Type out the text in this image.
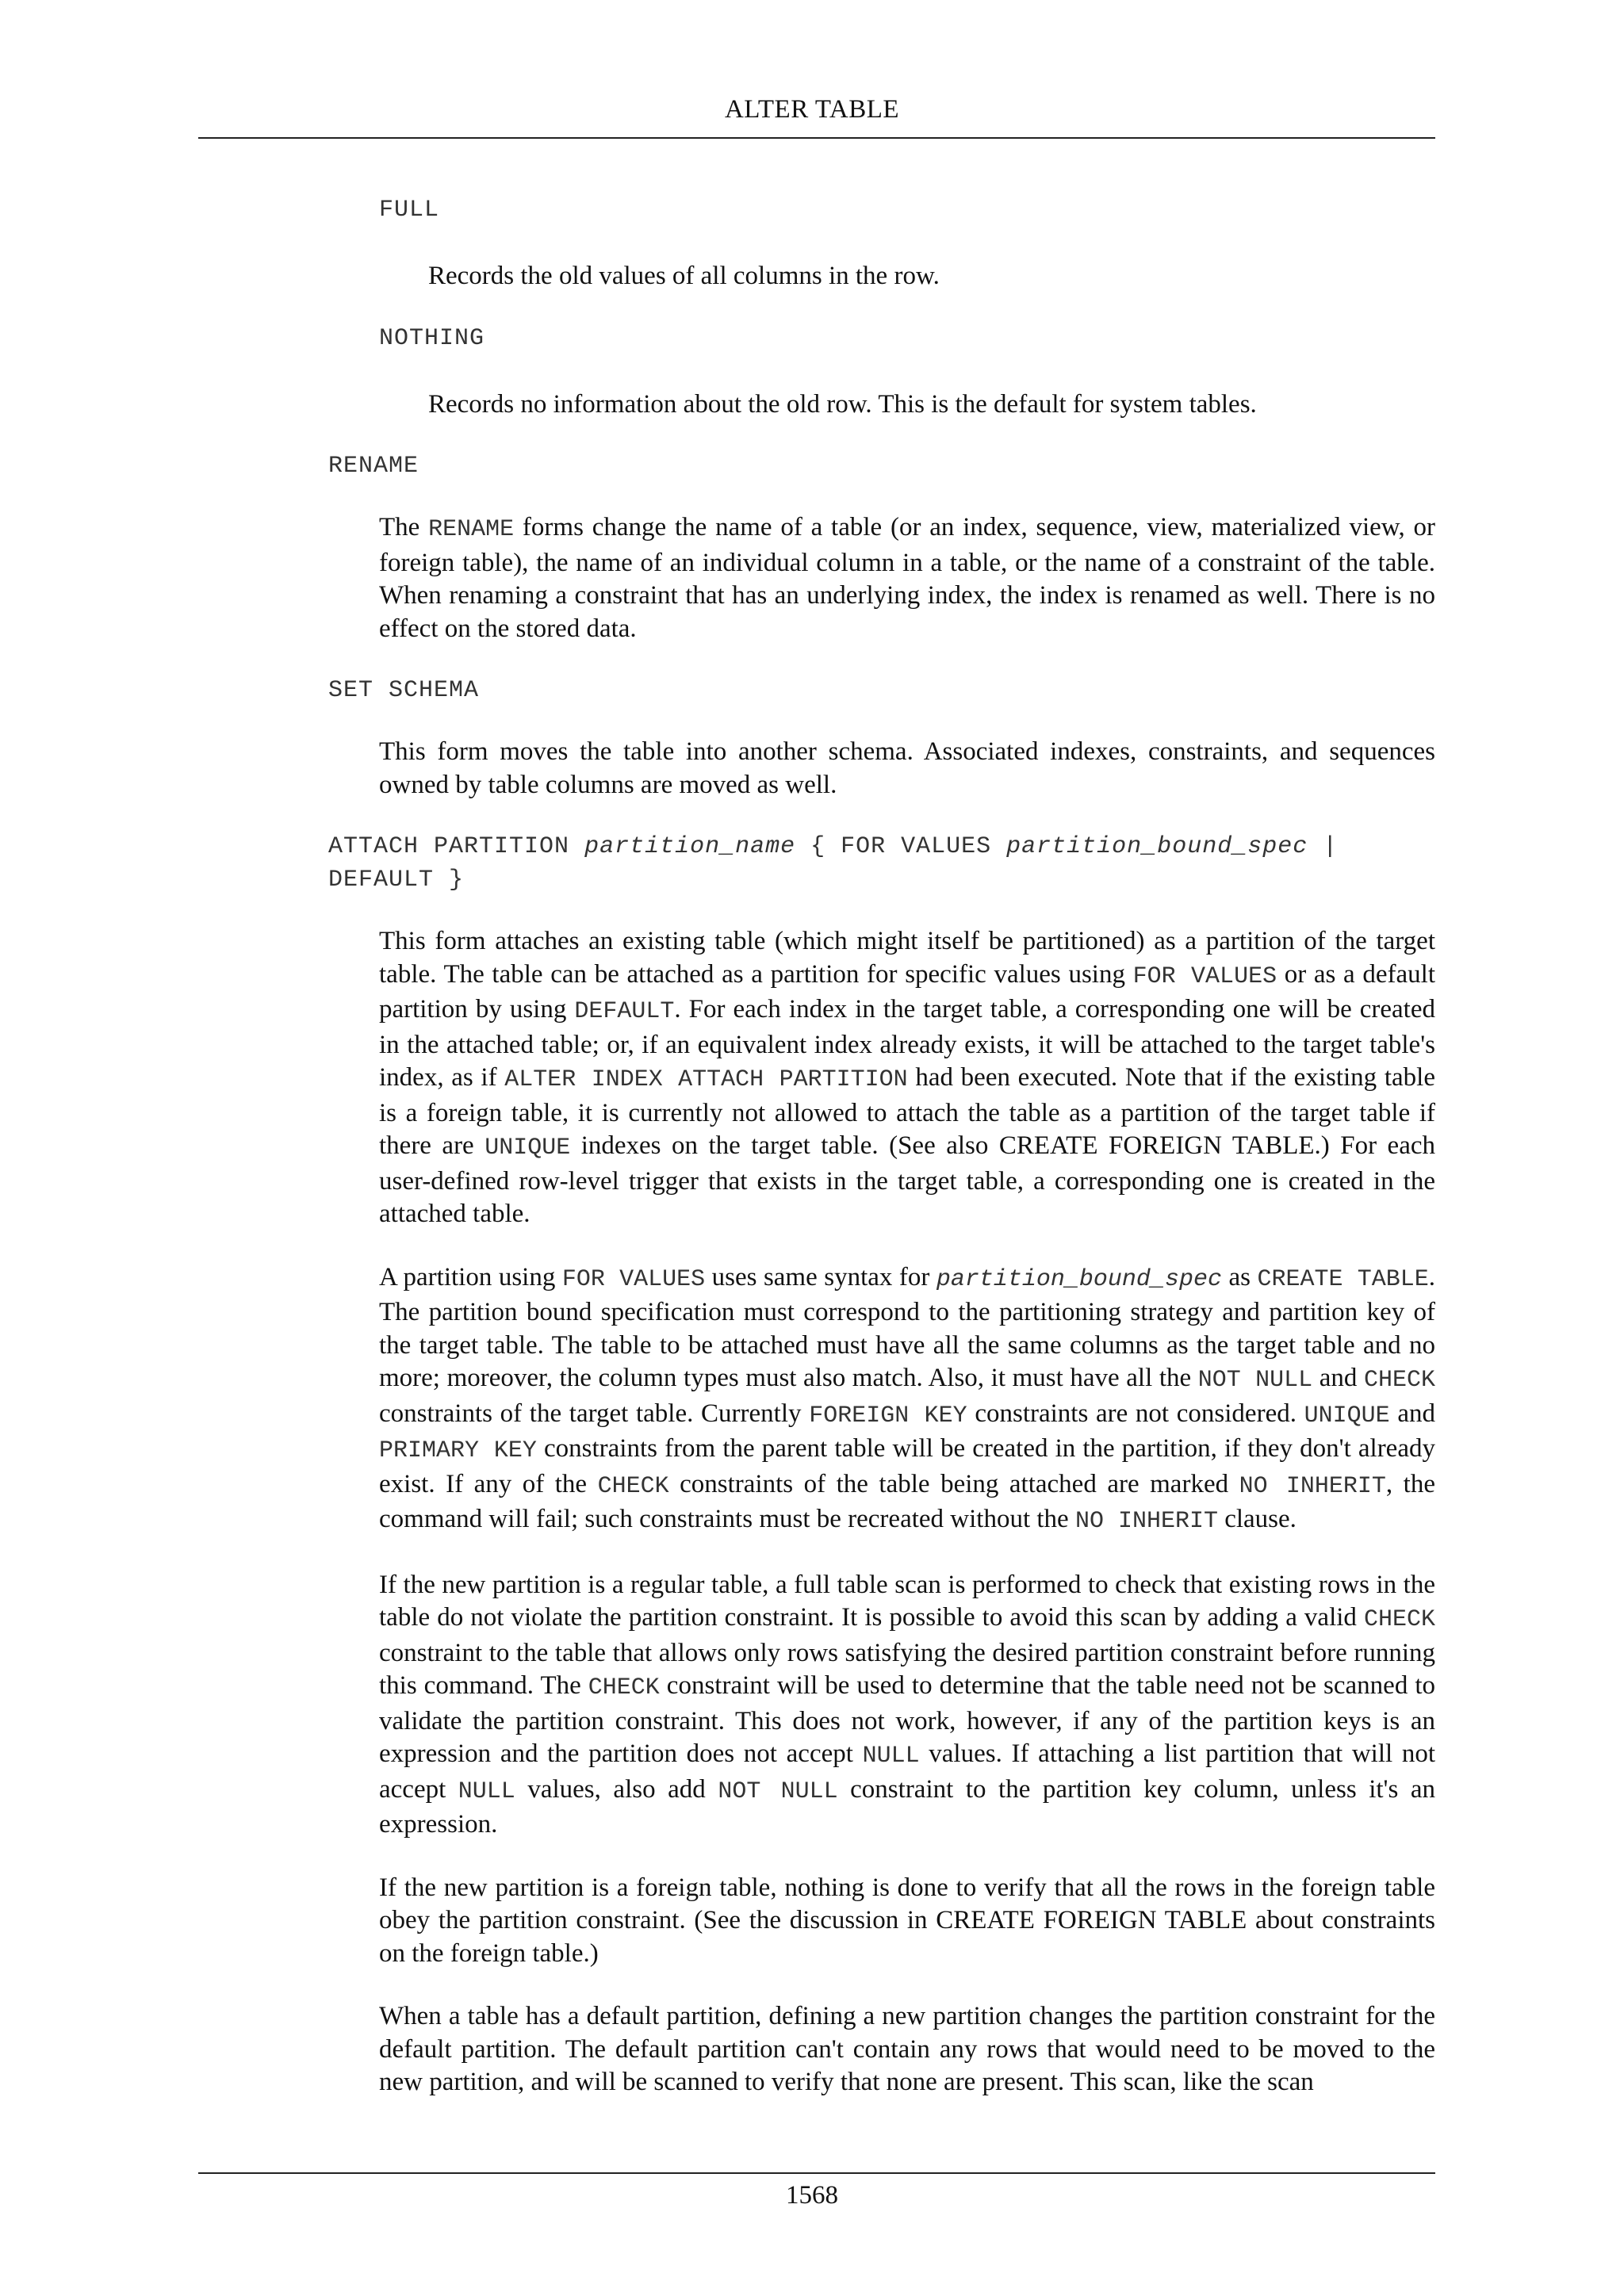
ALTER TABLE

FULL

Records the old values of all columns in the row.

NOTHING

Records no information about the old row. This is the default for system tables.

RENAME

The RENAME forms change the name of a table (or an index, sequence, view, materialized view, or foreign table), the name of an individual column in a table, or the name of a constraint of the table. When renaming a constraint that has an underlying index, the index is renamed as well. There is no effect on the stored data.

SET SCHEMA

This form moves the table into another schema. Associated indexes, constraints, and sequences owned by table columns are moved as well.

ATTACH PARTITION partition_name { FOR VALUES partition_bound_spec | DEFAULT }

This form attaches an existing table (which might itself be partitioned) as a partition of the target table. The table can be attached as a partition for specific values using FOR VALUES or as a default partition by using DEFAULT. For each index in the target table, a corresponding one will be created in the attached table; or, if an equivalent index already exists, it will be attached to the target table's index, as if ALTER INDEX ATTACH PARTITION had been executed. Note that if the existing table is a foreign table, it is currently not allowed to attach the table as a partition of the target table if there are UNIQUE indexes on the target table. (See also CREATE FOREIGN TABLE.) For each user-defined row-level trigger that exists in the target table, a corresponding one is created in the attached table.

A partition using FOR VALUES uses same syntax for partition_bound_spec as CREATE TABLE. The partition bound specification must correspond to the partitioning strategy and partition key of the target table. The table to be attached must have all the same columns as the target table and no more; moreover, the column types must also match. Also, it must have all the NOT NULL and CHECK constraints of the target table. Currently FOREIGN KEY constraints are not considered. UNIQUE and PRIMARY KEY constraints from the parent table will be created in the partition, if they don't already exist. If any of the CHECK constraints of the table being attached are marked NO INHERIT, the command will fail; such constraints must be recreated without the NO INHERIT clause.

If the new partition is a regular table, a full table scan is performed to check that existing rows in the table do not violate the partition constraint. It is possible to avoid this scan by adding a valid CHECK constraint to the table that allows only rows satisfying the desired partition constraint before running this command. The CHECK constraint will be used to determine that the table need not be scanned to validate the partition constraint. This does not work, however, if any of the partition keys is an expression and the partition does not accept NULL values. If attaching a list partition that will not accept NULL values, also add NOT NULL constraint to the partition key column, unless it's an expression.

If the new partition is a foreign table, nothing is done to verify that all the rows in the foreign table obey the partition constraint. (See the discussion in CREATE FOREIGN TABLE about constraints on the foreign table.)

When a table has a default partition, defining a new partition changes the partition constraint for the default partition. The default partition can't contain any rows that would need to be moved to the new partition, and will be scanned to verify that none are present. This scan, like the scan

1568
